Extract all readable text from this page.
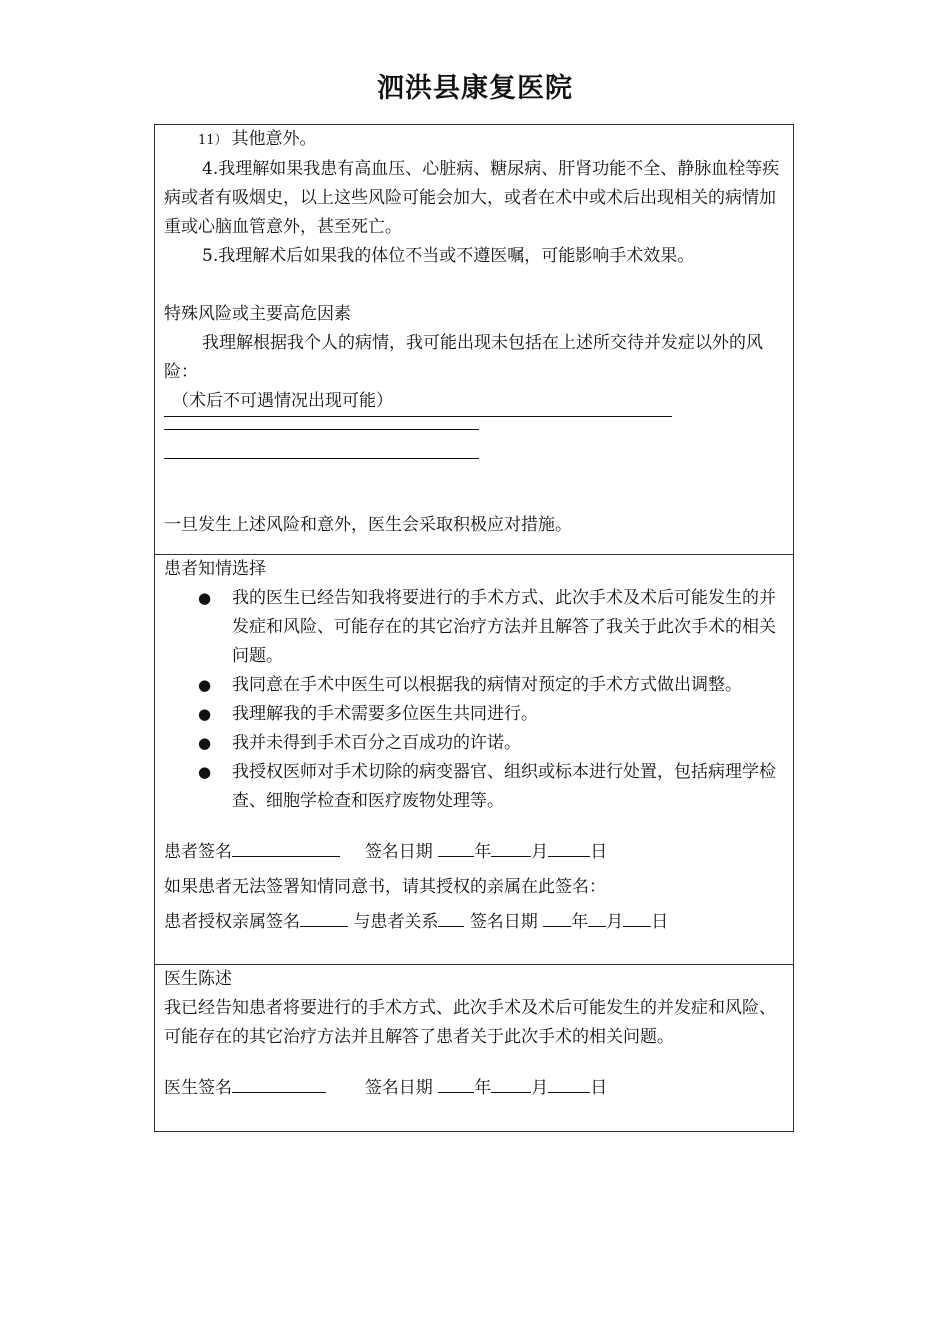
泗洪县康复医院

11） 其他意外。

4.我理解如果我患有高血压、心脏病、糖尿病、肝肾功能不全、静脉血栓等疾病或者有吸烟史，以上这些风险可能会加大，或者在术中或术后出现相关的病情加重或心脑血管意外，甚至死亡。

5.我理解术后如果我的体位不当或不遵医嘱，可能影响手术效果。

特殊风险或主要高危因素

我理解根据我个人的病情，我可能出现未包括在上述所交待并发症以外的风险：

（术后不可遇情况出现可能）

一旦发生上述风险和意外，医生会采取积极应对措施。

患者知情选择

● 我的医生已经告知我将要进行的手术方式、此次手术及术后可能发生的并发症和风险、可能存在的其它治疗方法并且解答了我关于此次手术的相关问题。
● 我同意在手术中医生可以根据我的病情对预定的手术方式做出调整。
● 我理解我的手术需要多位医生共同进行。
● 我并未得到手术百分之百成功的许诺。
● 我授权医师对手术切除的病变器官、组织或标本进行处置，包括病理学检查、细胞学检查和医疗废物处理等。

患者签名	签名日期 年 月 日

如果患者无法签署知情同意书，请其授权的亲属在此签名：

患者授权亲属签名	与患者关系 签名日期 年 月 日

医生陈述

我已经告知患者将要进行的手术方式、此次手术及术后可能发生的并发症和风险、可能存在的其它治疗方法并且解答了患者关于此次手术的相关问题。

医生签名	签名日期 年 月 日
